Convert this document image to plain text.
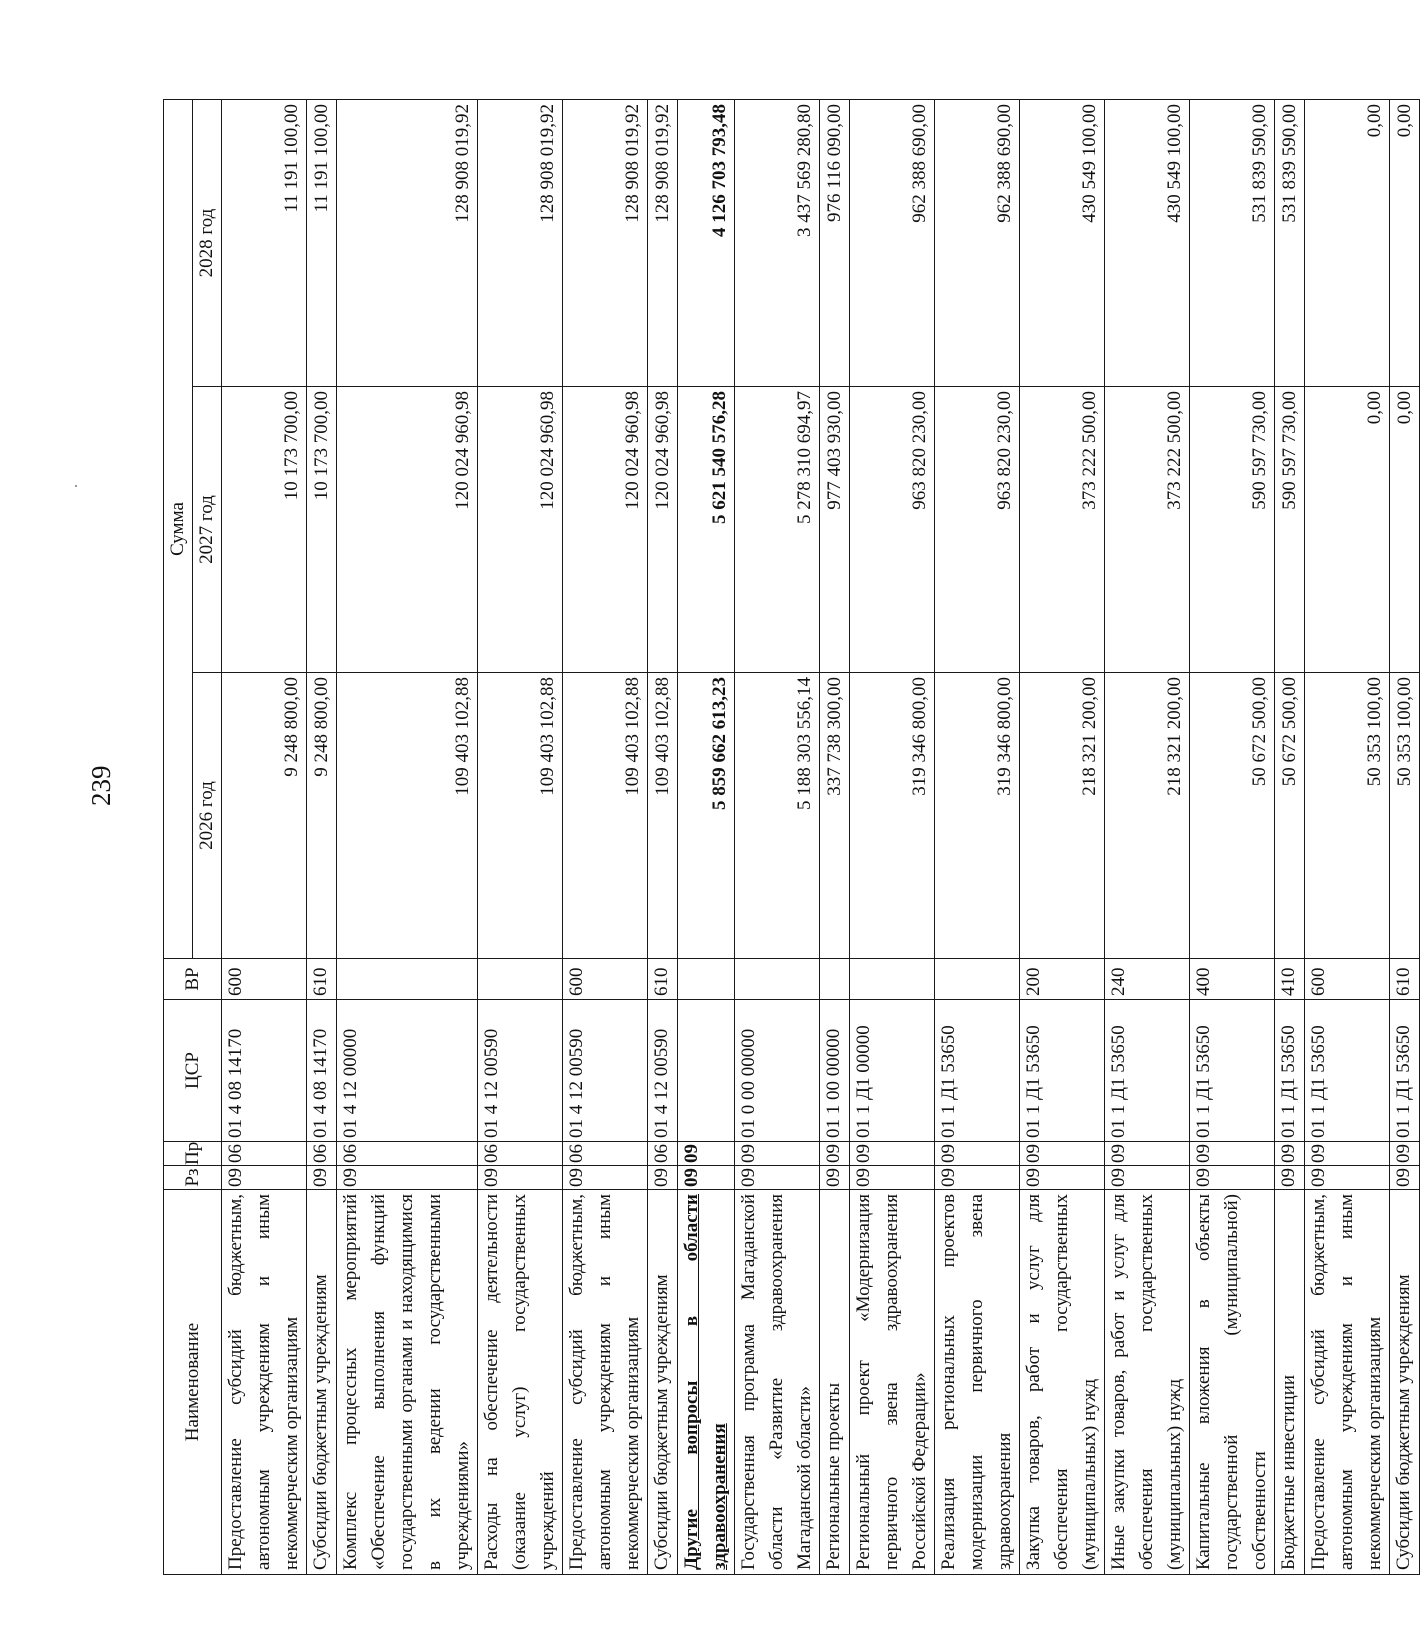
239
Наименование	Рз	Пр	ЦСР	ВР	Сумма		
					2026 год	2027 год	2028 год
Предоставление субсидий бюджетным, автономным учреждениям и иным некоммерческим организациям	09	06	01 4 08 14170	600	9 248 800,00	10 173 700,00	11 191 100,00
Субсидии бюджетным учреждениям	09	06	01 4 08 14170	610	9 248 800,00	10 173 700,00	11 191 100,00
Комплекс процессных мероприятий «Обеспечение выполнения функций государственными органами и находящимися в их ведении государственными учреждениями»	09	06	01 4 12 00000		109 403 102,88	120 024 960,98	128 908 019,92
Расходы на обеспечение деятельности (оказание услуг) государственных учреждений	09	06	01 4 12 00590		109 403 102,88	120 024 960,98	128 908 019,92
Предоставление субсидий бюджетным, автономным учреждениям и иным некоммерческим организациям	09	06	01 4 12 00590	600	109 403 102,88	120 024 960,98	128 908 019,92
Субсидии бюджетным учреждениям	09	06	01 4 12 00590	610	109 403 102,88	120 024 960,98	128 908 019,92
Другие вопросы в области здравоохранения	09	09			5 859 662 613,23	5 621 540 576,28	4 126 703 793,48
Государственная программа Магаданской области «Развитие здравоохранения Магаданской области»	09	09	01 0 00 00000		5 188 303 556,14	5 278 310 694,97	3 437 569 280,80
Региональные проекты	09	09	01 1 00 00000		337 738 300,00	977 403 930,00	976 116 090,00
Региональный проект «Модернизация первичного звена здравоохранения Российской Федерации»	09	09	01 1 Д1 00000		319 346 800,00	963 820 230,00	962 388 690,00
Реализация региональных проектов модернизации первичного звена здравоохранения	09	09	01 1 Д1 53650		319 346 800,00	963 820 230,00	962 388 690,00
Закупка товаров, работ и услуг для обеспечения государственных (муниципальных) нужд	09	09	01 1 Д1 53650	200	218 321 200,00	373 222 500,00	430 549 100,00
Иные закупки товаров, работ и услуг для обеспечения государственных (муниципальных) нужд	09	09	01 1 Д1 53650	240	218 321 200,00	373 222 500,00	430 549 100,00
Капитальные вложения в объекты государственной (муниципальной) собственности	09	09	01 1 Д1 53650	400	50 672 500,00	590 597 730,00	531 839 590,00
Бюджетные инвестиции	09	09	01 1 Д1 53650	410	50 672 500,00	590 597 730,00	531 839 590,00
Предоставление субсидий бюджетным, автономным учреждениям и иным некоммерческим организациям	09	09	01 1 Д1 53650	600	50 353 100,00	0,00	0,00
Субсидии бюджетным учреждениям	09	09	01 1 Д1 53650	610	50 353 100,00	0,00	0,00
